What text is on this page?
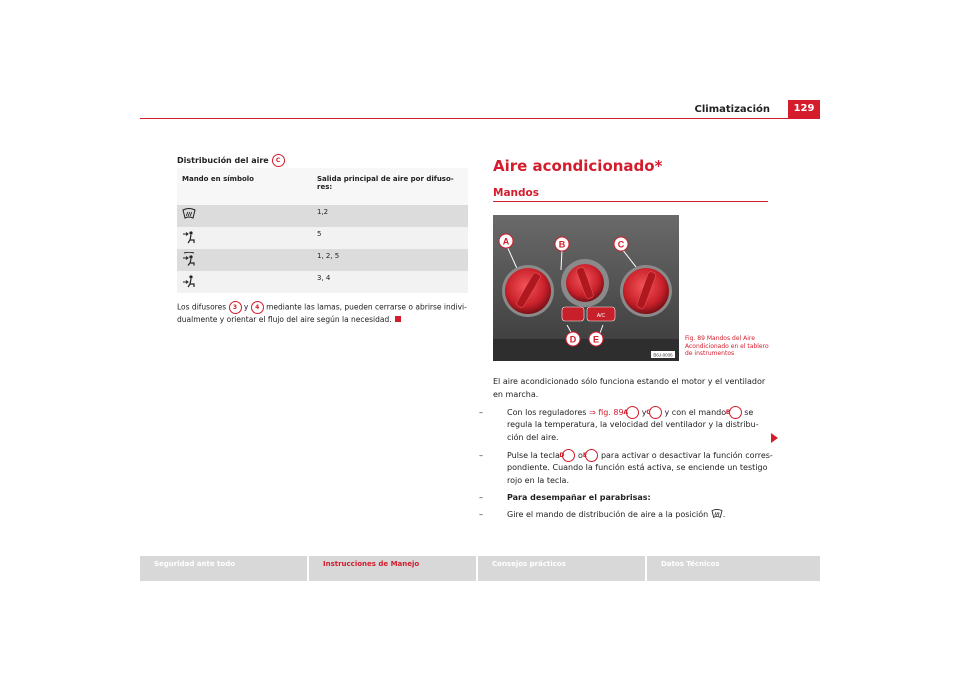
Climatización	129
Distribución del aire C
Mando en símbolo	Salida principal de aire por difuso-res:
	1,2
	5
	1, 2, 5
	3, 4
Los difusores 3 y 4 mediante las lamas, pueden cerrarse o abrirse indivi-dualmente y orientar el flujo del aire según la necesidad.
Aire acondicionado*
Mandos
A/C
A	B	C
D E
B6J-0036
Fig. 89 Mandos del Aire Acondicionado en el tablero de instrumentos

El aire acondicionado sólo funciona estando el motor y el ventilador en marcha.

–	Con los reguladores ⇒ fig. 89 A y C y con el mando B se regula la temperatura, la velocidad del ventilador y la distribu-ción del aire.

–	Pulse la tecla D o E para activar o desactivar la función corres-pondiente. Cuando la función está activa, se enciende un testigo rojo en la tecla.

–	Para desempañar el parabrisas:

–	Gire el mando de distribución de aire a la posición .

Seguridad ante todo	Instrucciones de Manejo	Consejos prácticos	Datos Técnicos
